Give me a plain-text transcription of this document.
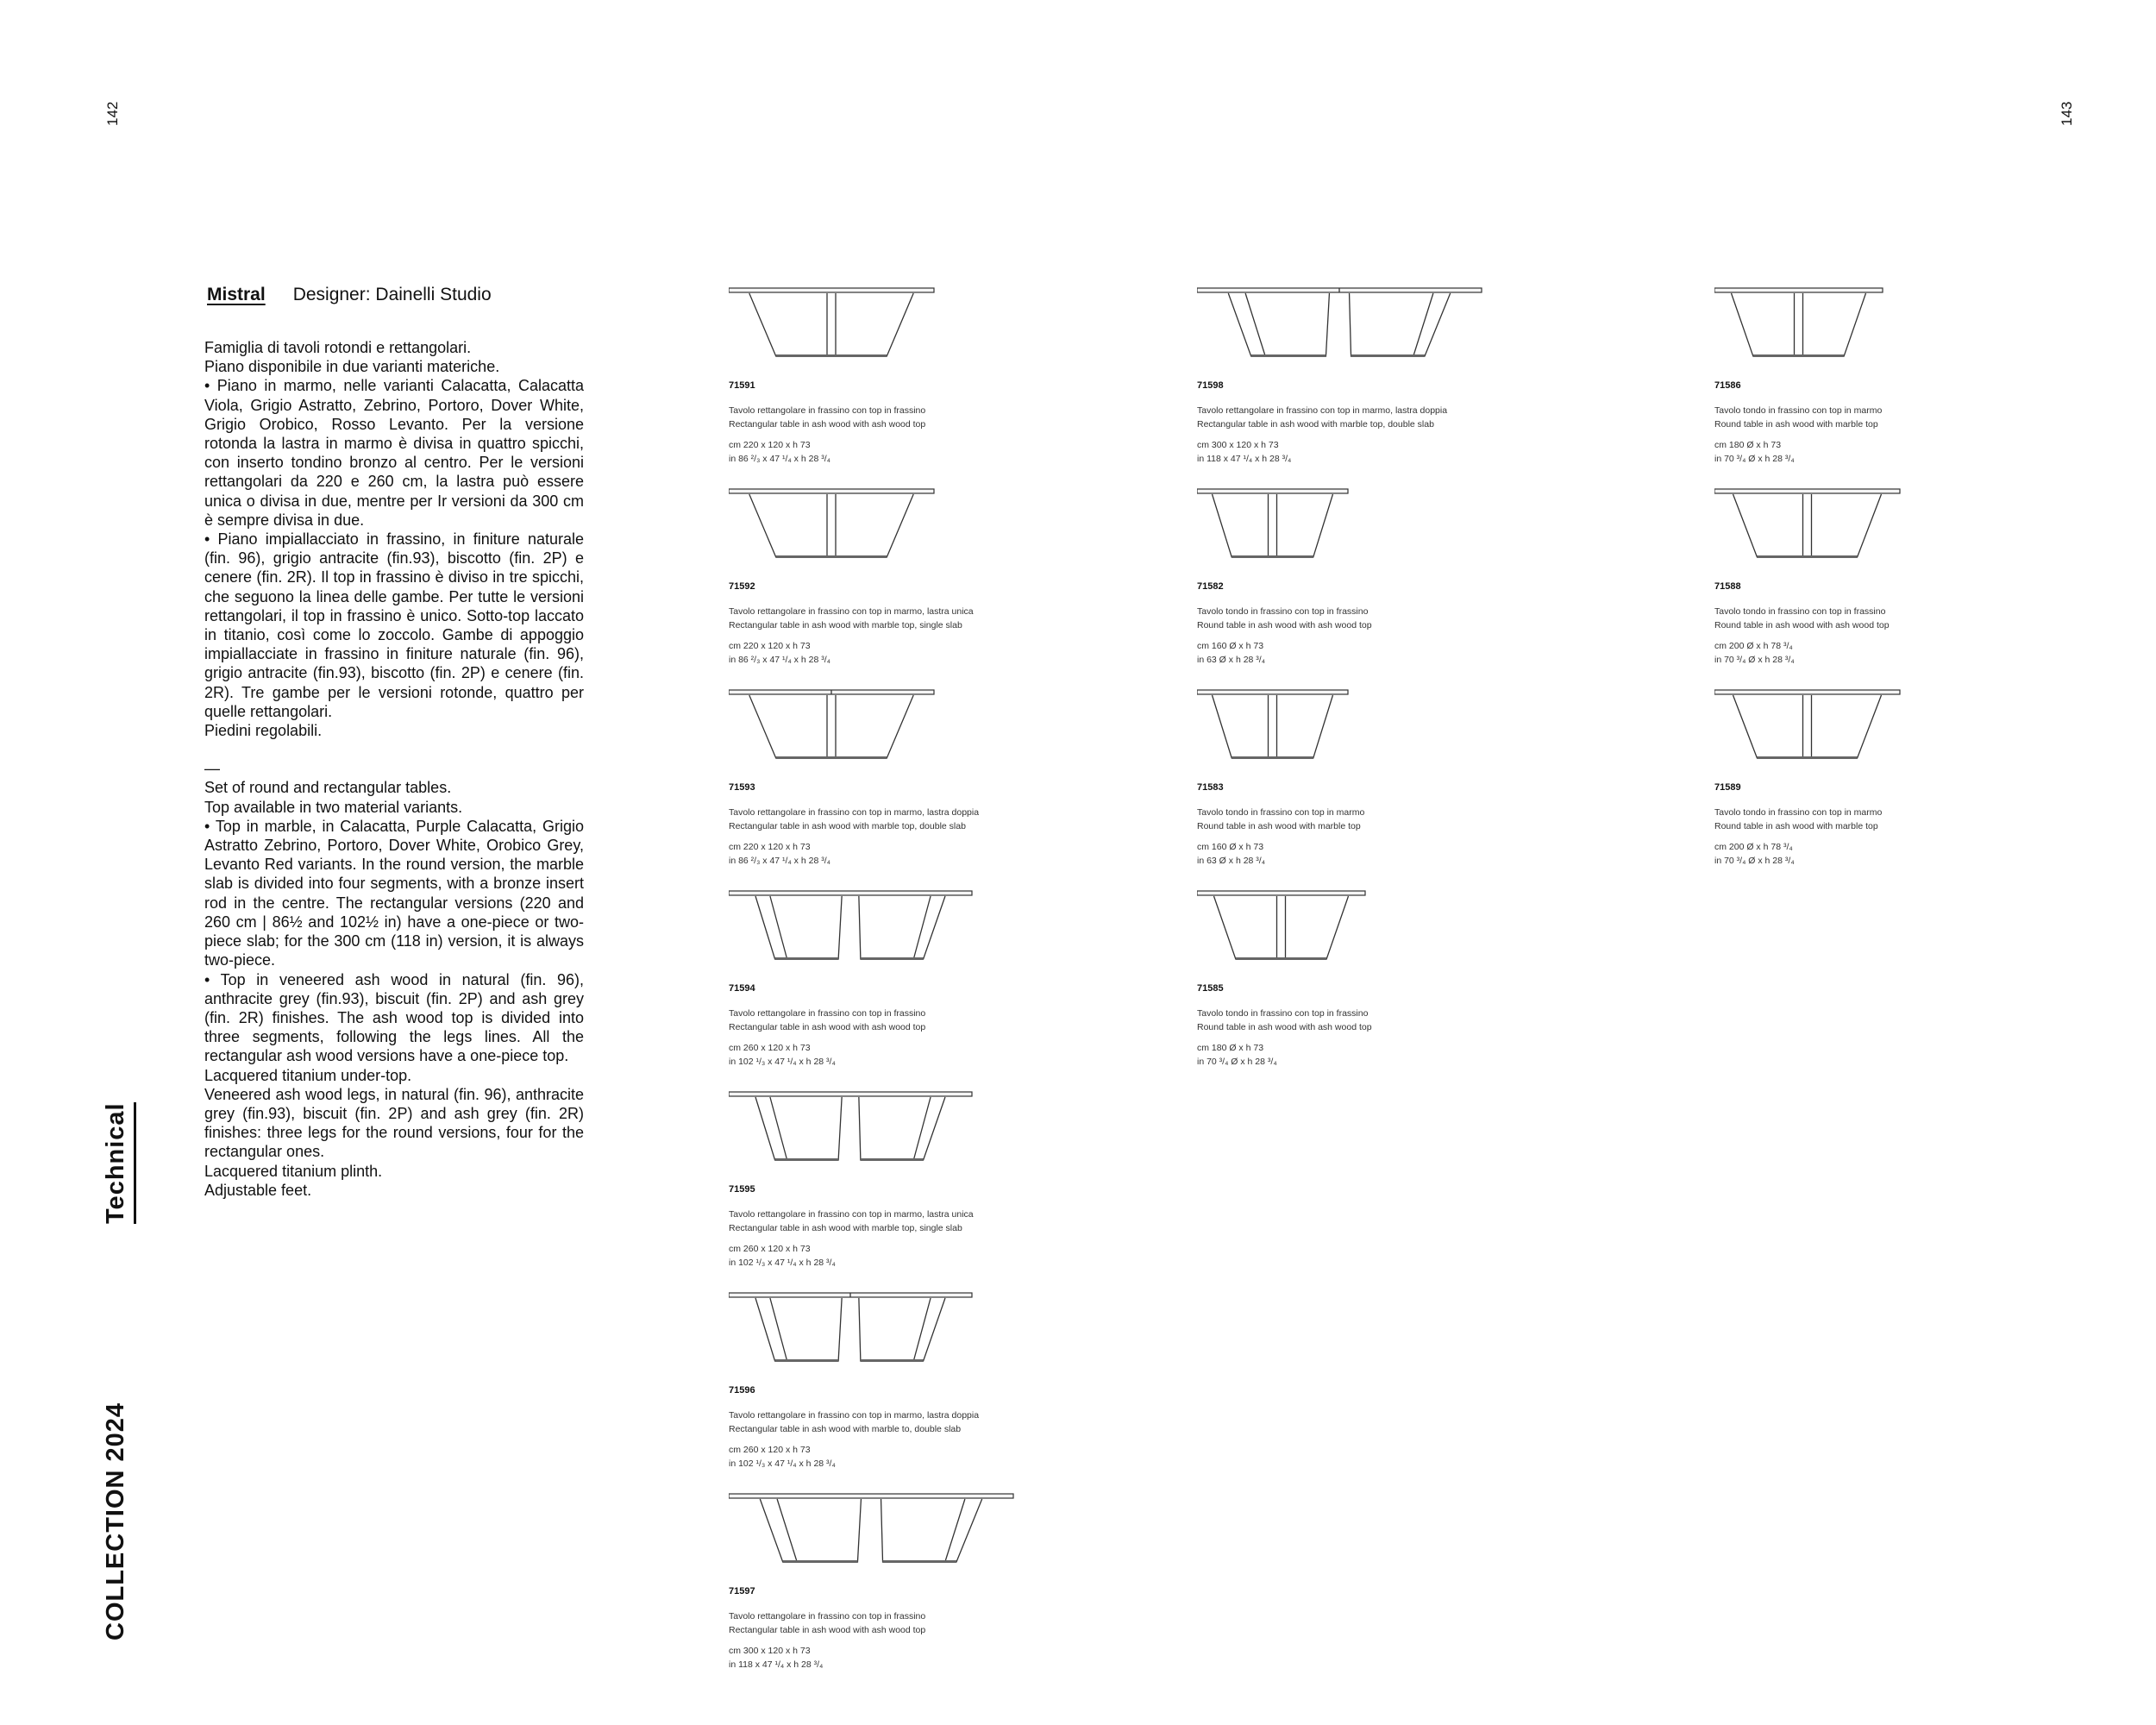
142	143
Technical
COLLECTION 2024
Mistral Designer: Dainelli Studio

Famiglia di tavoli rotondi e rettangolari.

Piano disponibile in due varianti materiche.

• Piano in marmo, nelle varianti Calacatta, Calacatta Viola, Grigio Astratto, Zebrino, Portoro, Dover White, Grigio Orobico, Rosso Levanto. Per la versione rotonda la lastra in marmo è divisa in quattro spicchi, con inserto tondino bronzo al centro. Per le versioni rettangolari da 220 e 260 cm, la lastra può essere unica o divisa in due, mentre per Ir versioni da 300 cm è sempre divisa in due.

• Piano impiallacciato in frassino, in finiture naturale (fin. 96), grigio antracite (fin.93), biscotto (fin. 2P) e cenere (fin. 2R). Il top in frassino è diviso in tre spicchi, che seguono la linea delle gambe. Per tutte le versioni rettangolari, il top in frassino è unico. Sotto-top laccato in titanio, così come lo zoccolo. Gambe di appoggio impiallacciate in frassino in finiture naturale (fin. 96), grigio antracite (fin.93), biscotto (fin. 2P) e cenere (fin. 2R). Tre gambe per le versioni rotonde, quattro per quelle rettangolari.

Piedini regolabili.

—

Set of round and rectangular tables.

Top available in two material variants.

• Top in marble, in Calacatta, Purple Calacatta, Grigio Astratto Zebrino, Portoro, Dover White, Orobico Grey, Levanto Red variants. In the round version, the marble slab is divided into four segments, with a bronze insert rod in the centre. The rectangular versions (220 and 260 cm | 86½ and 102½ in) have a one-piece or two-piece slab; for the 300 cm (118 in) version, it is always two-piece.

• Top in veneered ash wood in natural (fin. 96), anthracite grey (fin.93), biscuit (fin. 2P) and ash grey (fin. 2R) finishes. The ash wood top is divided into three segments, following the legs lines. All the rectangular ash wood versions have a one-piece top.

Lacquered titanium under-top.

Veneered ash wood legs, in natural (fin. 96), anthracite grey (fin.93), biscuit (fin. 2P) and ash grey (fin. 2R) finishes: three legs for the round versions, four for the rectangular ones.

Lacquered titanium plinth.

Adjustable feet.

71591
Tavolo rettangolare in frassino con top in frassino
Rectangular table in ash wood with ash wood top
cm 220 x 120 x h 73
in 86 ²/₃ x 47 ¹/₄ x h 28 ³/₄
71592
Tavolo rettangolare in frassino con top in marmo, lastra unica
Rectangular table in ash wood with marble top, single slab
cm 220 x 120 x h 73
in 86 ²/₃ x 47 ¹/₄ x h 28 ³/₄
71593
Tavolo rettangolare in frassino con top in marmo, lastra doppia
Rectangular table in ash wood with marble top, double slab
cm 220 x 120 x h 73
in 86 ²/₃ x 47 ¹/₄ x h 28 ³/₄
71594
Tavolo rettangolare in frassino con top in frassino
Rectangular table in ash wood with ash wood top
cm 260 x 120 x h 73
in 102 ¹/₃ x 47 ¹/₄ x h 28 ³/₄
71595
Tavolo rettangolare in frassino con top in marmo, lastra unica
Rectangular table in ash wood with marble top, single slab
cm 260 x 120 x h 73
in 102 ¹/₃ x 47 ¹/₄ x h 28 ³/₄
71596
Tavolo rettangolare in frassino con top in marmo, lastra doppia
Rectangular table in ash wood with marble to, double slab
cm 260 x 120 x h 73
in 102 ¹/₃ x 47 ¹/₄ x h 28 ³/₄
71597
Tavolo rettangolare in frassino con top in frassino
Rectangular table in ash wood with ash wood top
cm 300 x 120 x h 73
in 118 x 47 ¹/₄ x h 28 ³/₄
71598
Tavolo rettangolare in frassino con top in marmo, lastra doppia
Rectangular table in ash wood with marble top, double slab
cm 300 x 120 x h 73
in 118 x 47 ¹/₄ x h 28 ³/₄
71582
Tavolo tondo in frassino con top in frassino
Round table in ash wood with ash wood top
cm 160 Ø x h 73
in 63 Ø x h 28 ³/₄
71583
Tavolo tondo in frassino con top in marmo
Round table in ash wood with marble top
cm 160 Ø x h 73
in 63 Ø x h 28 ³/₄
71585
Tavolo tondo in frassino con top in frassino
Round table in ash wood with ash wood top
cm 180 Ø x h 73
in 70 ³/₄ Ø x h 28 ³/₄
71586
Tavolo tondo in frassino con top in marmo
Round table in ash wood with marble top
cm 180 Ø x h 73
in 70 ³/₄ Ø x h 28 ³/₄
71588
Tavolo tondo in frassino con top in frassino
Round table in ash wood with ash wood top
cm 200 Ø x h 78 ³/₄
in 70 ³/₄ Ø x h 28 ³/₄
71589
Tavolo tondo in frassino con top in marmo
Round table in ash wood with marble top
cm 200 Ø x h 78 ³/₄
in 70 ³/₄ Ø x h 28 ³/₄
